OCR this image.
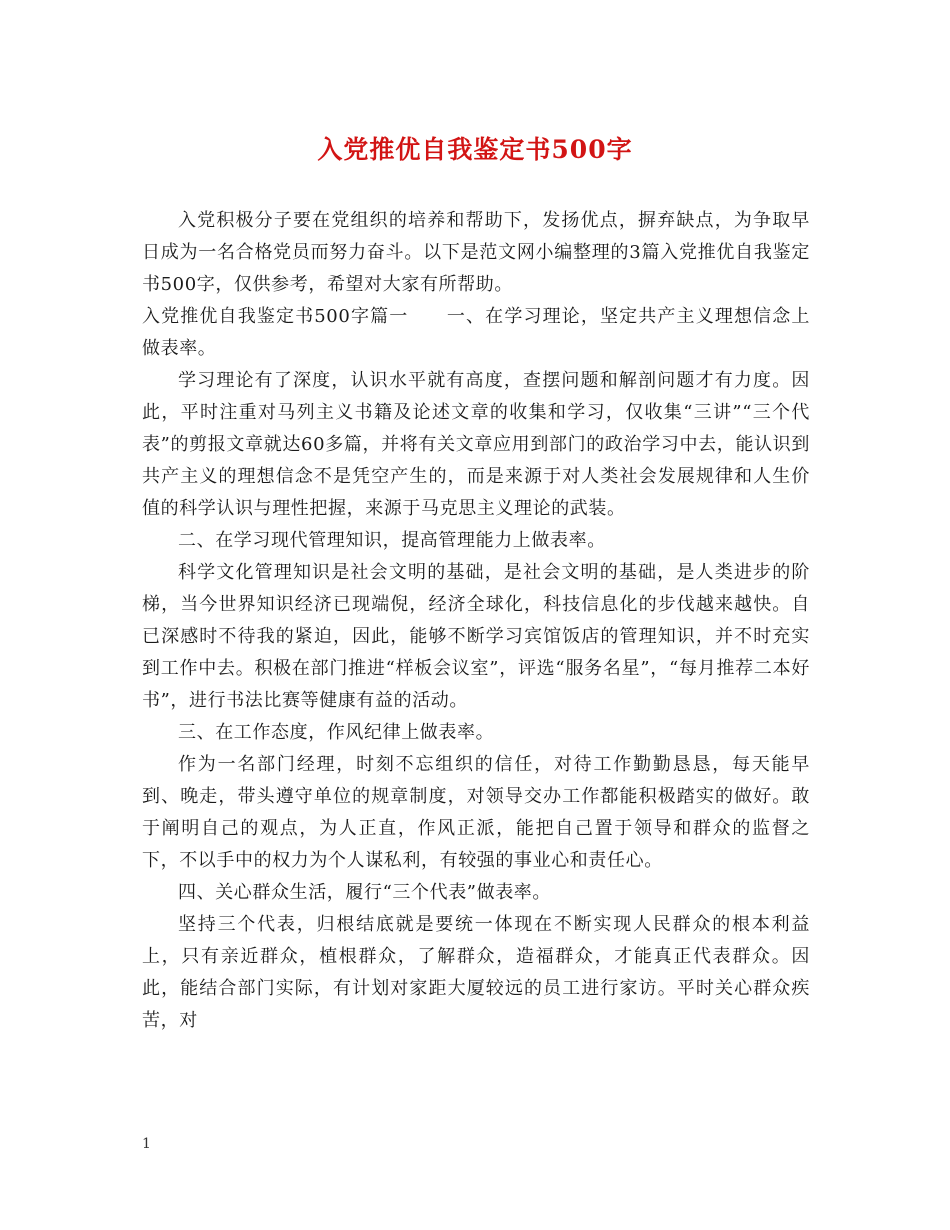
入党推优自我鉴定书500字

入党积极分子要在党组织的培养和帮助下，发扬优点，摒弃缺点，为争取早日成为一名合格党员而努力奋斗。以下是范文网小编整理的3篇入党推优自我鉴定书500字，仅供参考，希望对大家有所帮助。

入党推优自我鉴定书500字篇一 一、在学习理论，坚定共产主义理想信念上做表率。

学习理论有了深度，认识水平就有高度，查摆问题和解剖问题才有力度。因此，平时注重对马列主义书籍及论述文章的收集和学习，仅收集“三讲”“三个代表”的剪报文章就达60多篇，并将有关文章应用到部门的政治学习中去，能认识到共产主义的理想信念不是凭空产生的，而是来源于对人类社会发展规律和人生价值的科学认识与理性把握，来源于马克思主义理论的武装。

二、在学习现代管理知识，提高管理能力上做表率。

科学文化管理知识是社会文明的基础，是社会文明的基础，是人类进步的阶梯，当今世界知识经济已现端倪，经济全球化，科技信息化的步伐越来越快。自已深感时不待我的紧迫，因此，能够不断学习宾馆饭店的管理知识，并不时充实到工作中去。积极在部门推进“样板会议室”，评选“服务名星”，“每月推荐二本好书”，进行书法比赛等健康有益的活动。

三、在工作态度，作风纪律上做表率。

作为一名部门经理，时刻不忘组织的信任，对待工作勤勤恳恳，每天能早到、晚走，带头遵守单位的规章制度，对领导交办工作都能积极踏实的做好。敢于阐明自己的观点，为人正直，作风正派，能把自己置于领导和群众的监督之下，不以手中的权力为个人谋私利，有较强的事业心和责任心。

四、关心群众生活，履行“三个代表”做表率。

坚持三个代表，归根结底就是要统一体现在不断实现人民群众的根本利益上，只有亲近群众，植根群众，了解群众，造福群众，才能真正代表群众。因此，能结合部门实际，有计划对家距大厦较远的员工进行家访。平时关心群众疾苦，对

1
